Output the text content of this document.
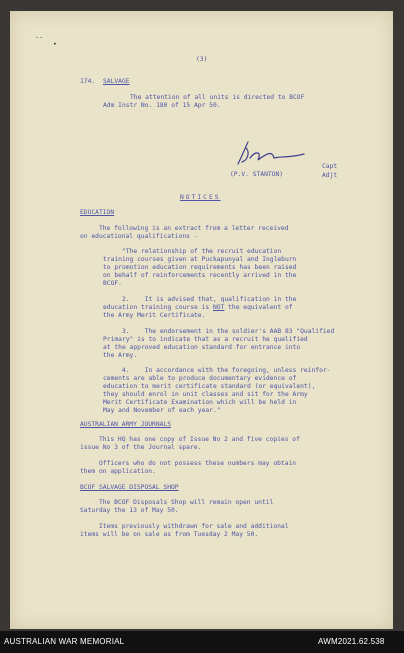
- -
•

(3)

174. SALVAGE

The attention of all units is directed to BCOF

Adm Instr No. 180 of 15 Apr 50.

(P.V. STANTON)

Capt

Adjt

NOTICES

EDUCATION

The following is an extract from a letter received

on educational qualifications -

"The relationship of the recruit education

training courses given at Puckapunyal and Ingleburn

to promotion education requirements has been raised

on behalf of reinforcements recently arrived in the

BCOF.

2.    It is advised that, qualification in the

education training course is NOT the equivalent of

the Army Merit Certificate.

3.    The endorsement in the soldier's AAB 83 "Qualified

Primary" is to indicate that as a recruit he qualified

at the approved education standard for entrance into

the Army.

4.    In accordance with the foregoing, unless reinfor-

cements are able to produce documentary evidence of

education to merit certificate standard (or equivalent),

they should enrol in unit classes and sit for the Army

Merit Certificate Examination which will be held in

May and November of each year."

AUSTRALIAN ARMY JOURNALS

This HQ has one copy of Issue No 2 and five copies of

issue No 3 of the Journal spare.

Officers who do not possess these numbers may obtain

them on application.

BCOF SALVAGE DISPOSAL SHOP

The BCOF Disposals Shop will remain open until

Saturday the 13 of May 50.

Items previously withdrawn for sale and additional

items will be on sale as from Tuesday 2 May 50.

AUSTRALIAN WAR MEMORIAL	AWM2021.62.538
